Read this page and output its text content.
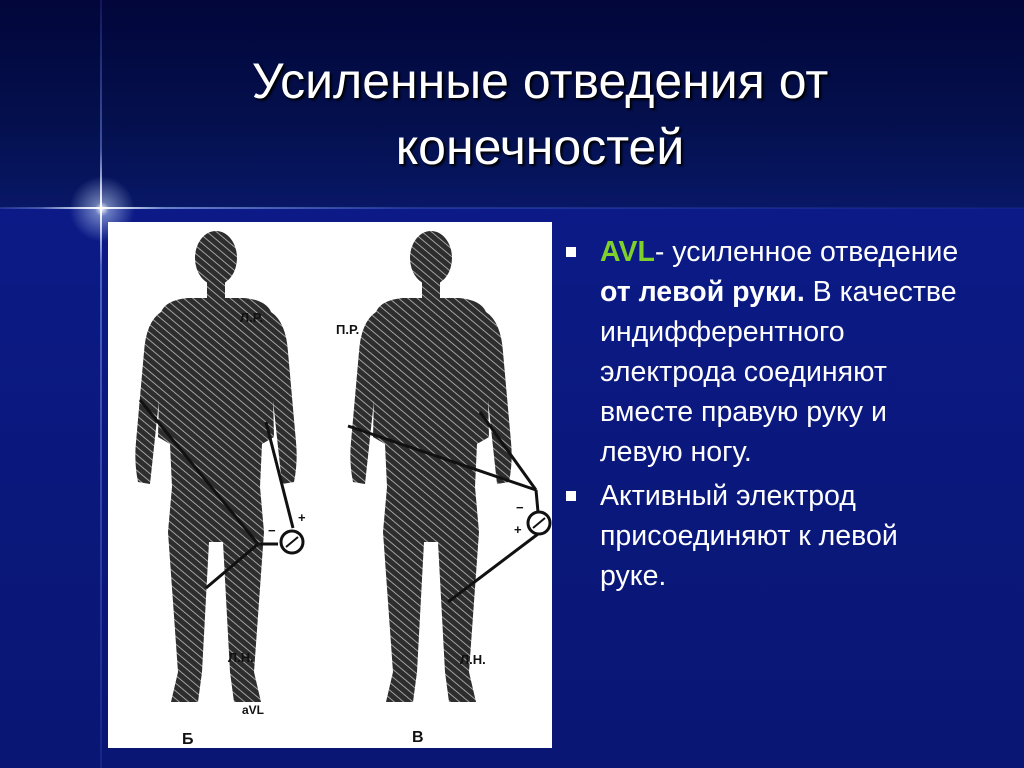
Усиленные отведения от конечностей
Л.Р.
Л.Н.
aVL
Б
−
+
П.Р.
Л.Н.
В
+
−
AVL- усиленное отведение от левой руки. В качестве индифферентного электрода соединяют вместе правую руку и левую ногу.
Активный электрод присоединяют к левой руке.
